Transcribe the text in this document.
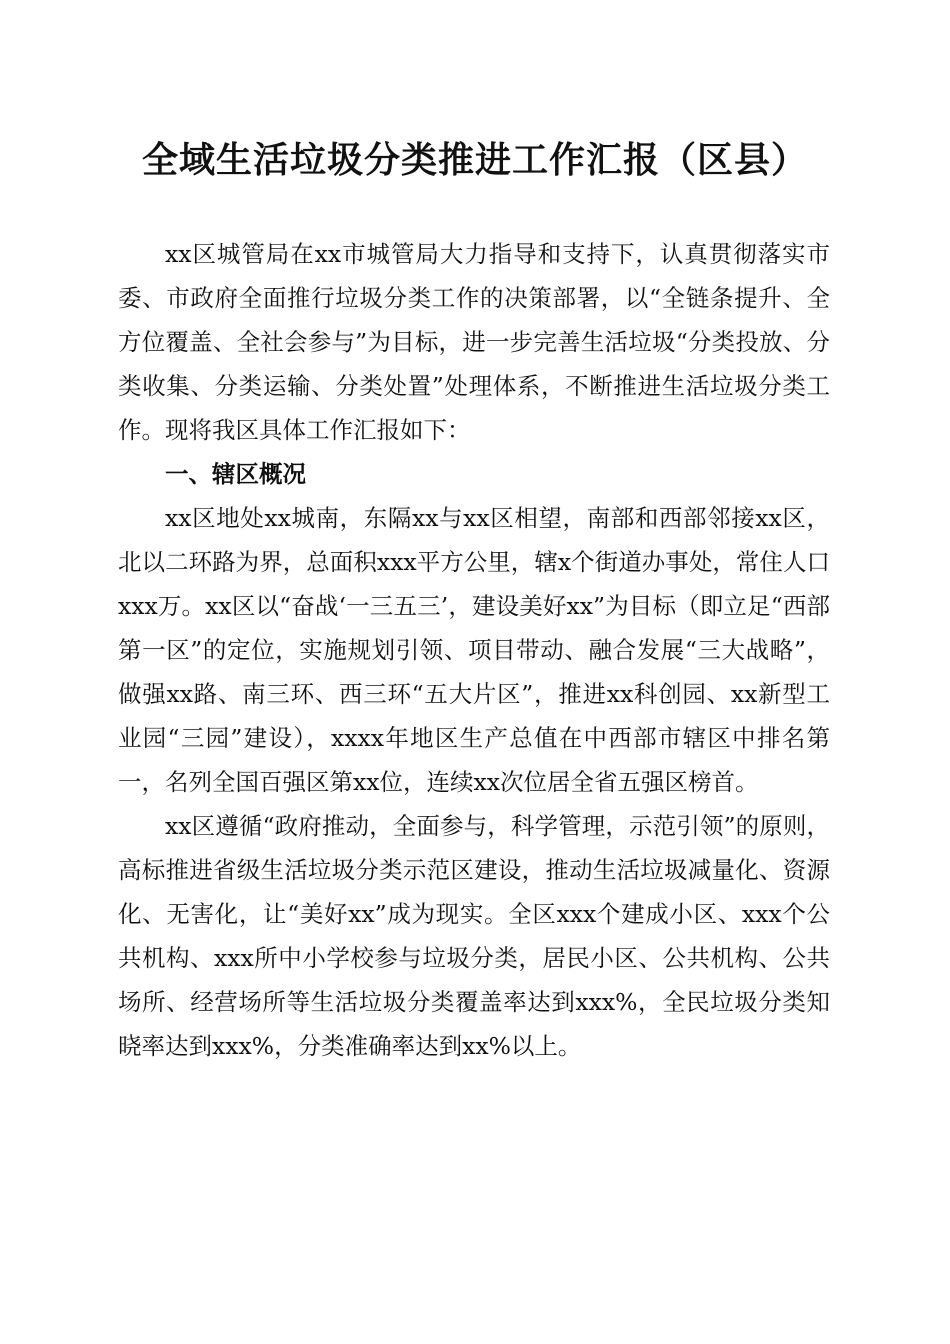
全域生活垃圾分类推进工作汇报（区县）

xx区城管局在xx市城管局大力指导和支持下，认真贯彻落实市委、市政府全面推行垃圾分类工作的决策部署，以“全链条提升、全方位覆盖、全社会参与”为目标，进一步完善生活垃圾“分类投放、分类收集、分类运输、分类处置”处理体系，不断推进生活垃圾分类工作。现将我区具体工作汇报如下：

一、辖区概况

xx区地处xx城南，东隔xx与xx区相望，南部和西部邻接xx区，北以二环路为界，总面积xxx平方公里，辖x个街道办事处，常住人口xxx万。xx区以“奋战‘一三五三’，建设美好xx”为目标（即立足“西部第一区”的定位，实施规划引领、项目带动、融合发展“三大战略”，做强xx路、南三环、西三环“五大片区”，推进xx科创园、xx新型工业园“三园”建设），xxxx年地区生产总值在中西部市辖区中排名第一，名列全国百强区第xx位，连续xx次位居全省五强区榜首。

xx区遵循“政府推动，全面参与，科学管理，示范引领”的原则，高标推进省级生活垃圾分类示范区建设，推动生活垃圾减量化、资源化、无害化，让“美好xx”成为现实。全区xxx个建成小区、xxx个公共机构、xxx所中小学校参与垃圾分类，居民小区、公共机构、公共场所、经营场所等生活垃圾分类覆盖率达到xxx%，全民垃圾分类知晓率达到xxx%，分类准确率达到xx%以上。
